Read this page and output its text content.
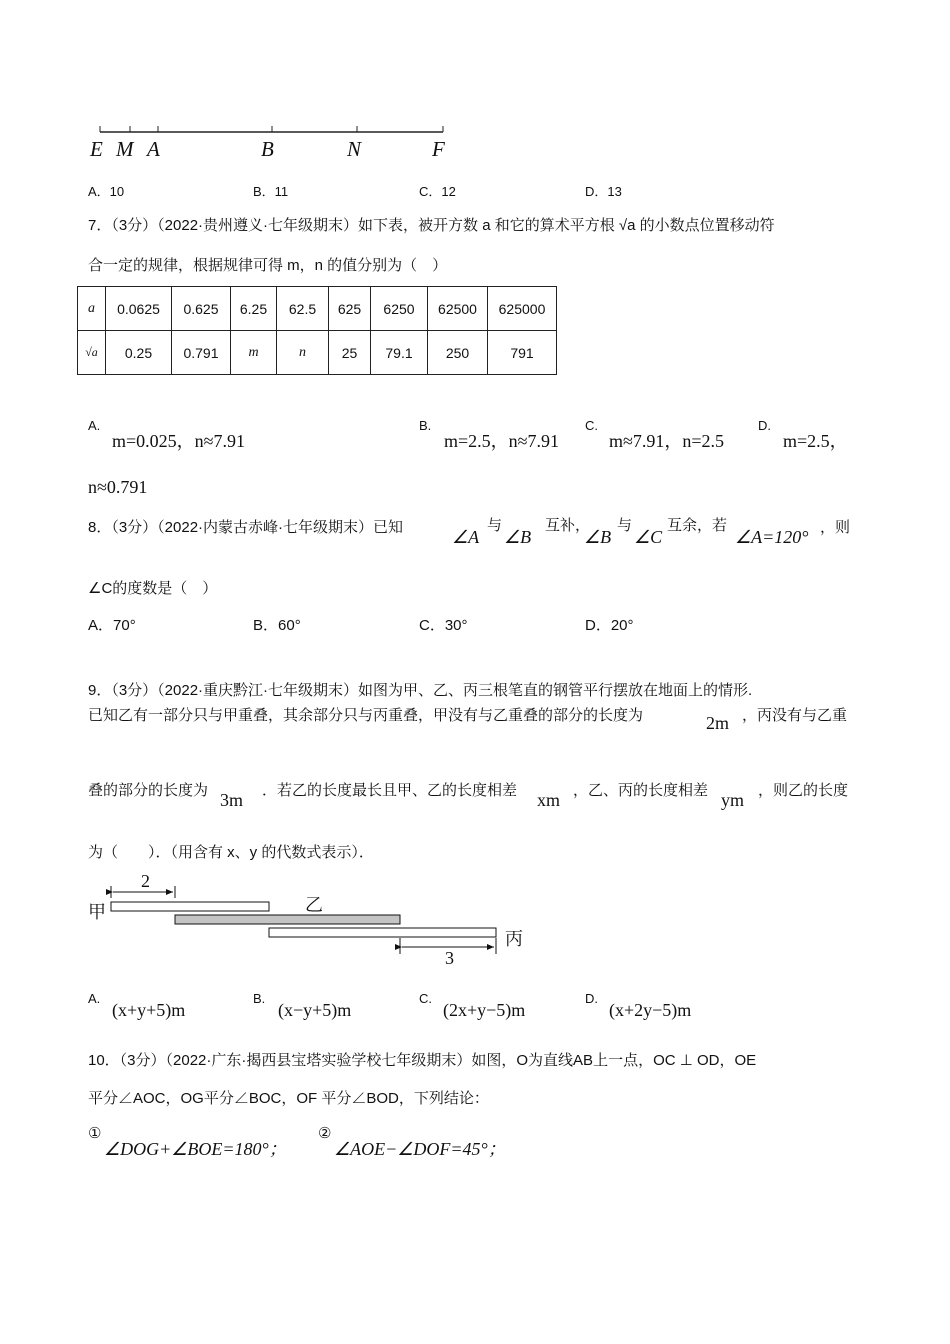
E M A	B	N	F
A．10	B．11	C．12	D．13
7．（3分）（2022·贵州遵义·七年级期末）如下表，被开方数 a 和它的算术平方根 √a 的小数点位置移动符
合一定的规律，根据规律可得 m，n 的值分别为（　）
a	0.0625	0.625	6.25	62.5	625	6250	62500	625000
√a	0.25	0.791	m	n	25	79.1	250	791
A.
m=0.025，n≈7.91
B.
m=2.5，n≈7.91
C.
m≈7.91，n=2.5
D.
m=2.5，
n≈0.791
8．（3分）（2022·内蒙古赤峰·七年级期末）已知	∠A
与
∠B
互补，
∠B
与
∠C
互余，若
∠A=120° ，则
∠C的度数是（　）
A．70°	B．60°	C．30°	D．20°
9．（3分）（2022·重庆黔江·七年级期末）如图为甲、乙、丙三根笔直的钢管平行摆放在地面上的情形.
已知乙有一部分只与甲重叠，其余部分只与丙重叠，甲没有与乙重叠的部分的长度为	2m ，丙没有与乙重
叠的部分的长度为 3m ．若乙的长度最长且甲、乙的长度相差 xm ，乙、丙的长度相差 ym ，则乙的长度
为（　　）．（用含有 x、y 的代数式表示）．
甲	乙
丙
2
3
A.
(x+y+5)m
B.
(x−y+5)m
C.
(2x+y−5)m
D.
(x+2y−5)m
10．（3分）（2022·广东·揭西县宝塔实验学校七年级期末）如图，O为直线AB上一点，OC ⊥ OD，OE
平分∠AOC，OG平分∠BOC，OF 平分∠BOD，下列结论：
①
∠DOG+∠BOE=180°；
②
∠AOE−∠DOF=45°；
